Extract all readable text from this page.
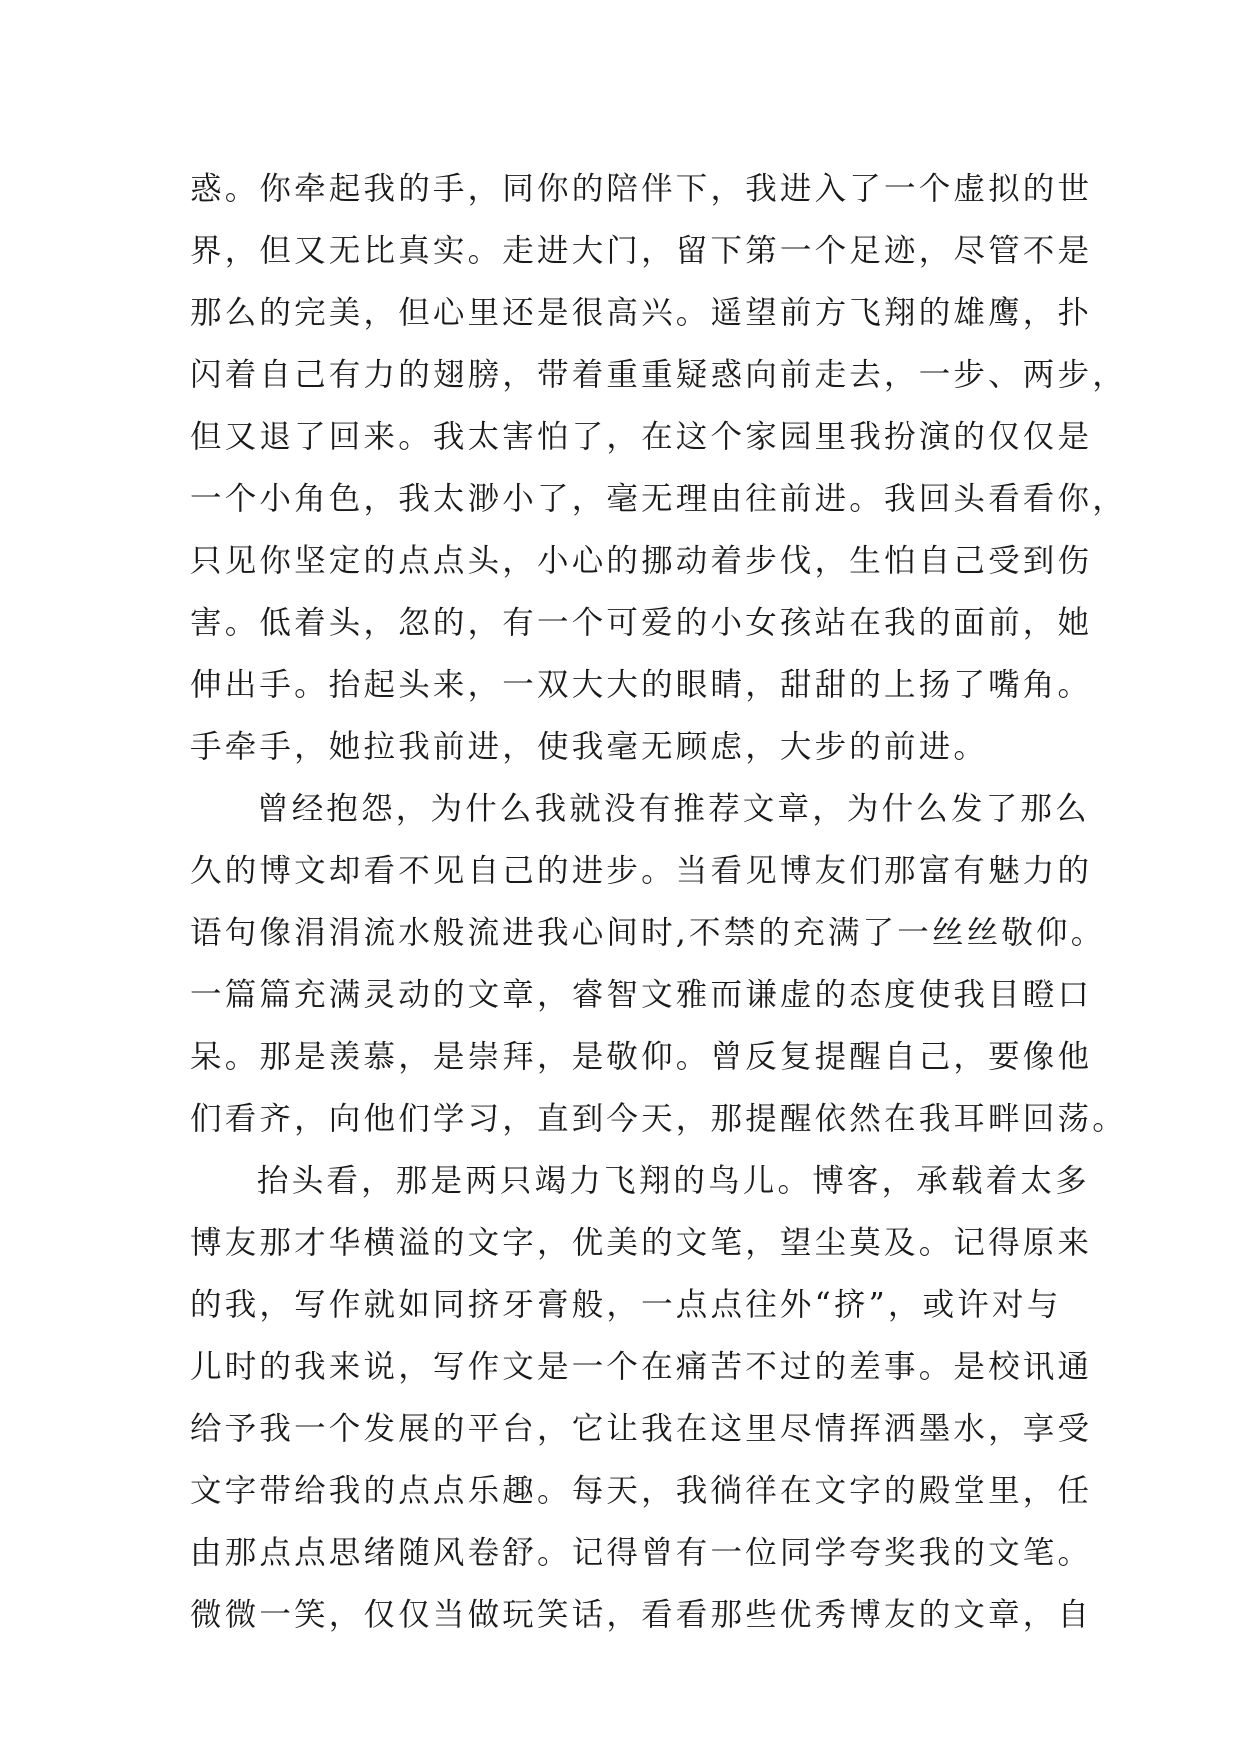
惑。你牵起我的手，同你的陪伴下，我进入了一个虚拟的世
界，但又无比真实。走进大门，留下第一个足迹，尽管不是
那么的完美，但心里还是很高兴。遥望前方飞翔的雄鹰，扑
闪着自己有力的翅膀，带着重重疑惑向前走去，一步、两步，
但又退了回来。我太害怕了，在这个家园里我扮演的仅仅是
一个小角色，我太渺小了，毫无理由往前进。我回头看看你，
只见你坚定的点点头，小心的挪动着步伐，生怕自己受到伤
害。低着头，忽的，有一个可爱的小女孩站在我的面前，她
伸出手。抬起头来，一双大大的眼睛，甜甜的上扬了嘴角。
手牵手，她拉我前进，使我毫无顾虑，大步的前进。
曾经抱怨，为什么我就没有推荐文章，为什么发了那么
久的博文却看不见自己的进步。当看见博友们那富有魅力的
语句像涓涓流水般流进我心间时,不禁的充满了一丝丝敬仰。
一篇篇充满灵动的文章，睿智文雅而谦虚的态度使我目瞪口
呆。那是羡慕，是崇拜，是敬仰。曾反复提醒自己，要像他
们看齐，向他们学习，直到今天，那提醒依然在我耳畔回荡。
抬头看，那是两只竭力飞翔的鸟儿。博客，承载着太多
博友那才华横溢的文字，优美的文笔，望尘莫及。记得原来
的我，写作就如同挤牙膏般，一点点往外“挤”，或许对与
儿时的我来说，写作文是一个在痛苦不过的差事。是校讯通
给予我一个发展的平台，它让我在这里尽情挥洒墨水，享受
文字带给我的点点乐趣。每天，我徜徉在文字的殿堂里，任
由那点点思绪随风卷舒。记得曾有一位同学夸奖我的文笔。
微微一笑，仅仅当做玩笑话，看看那些优秀博友的文章，自
